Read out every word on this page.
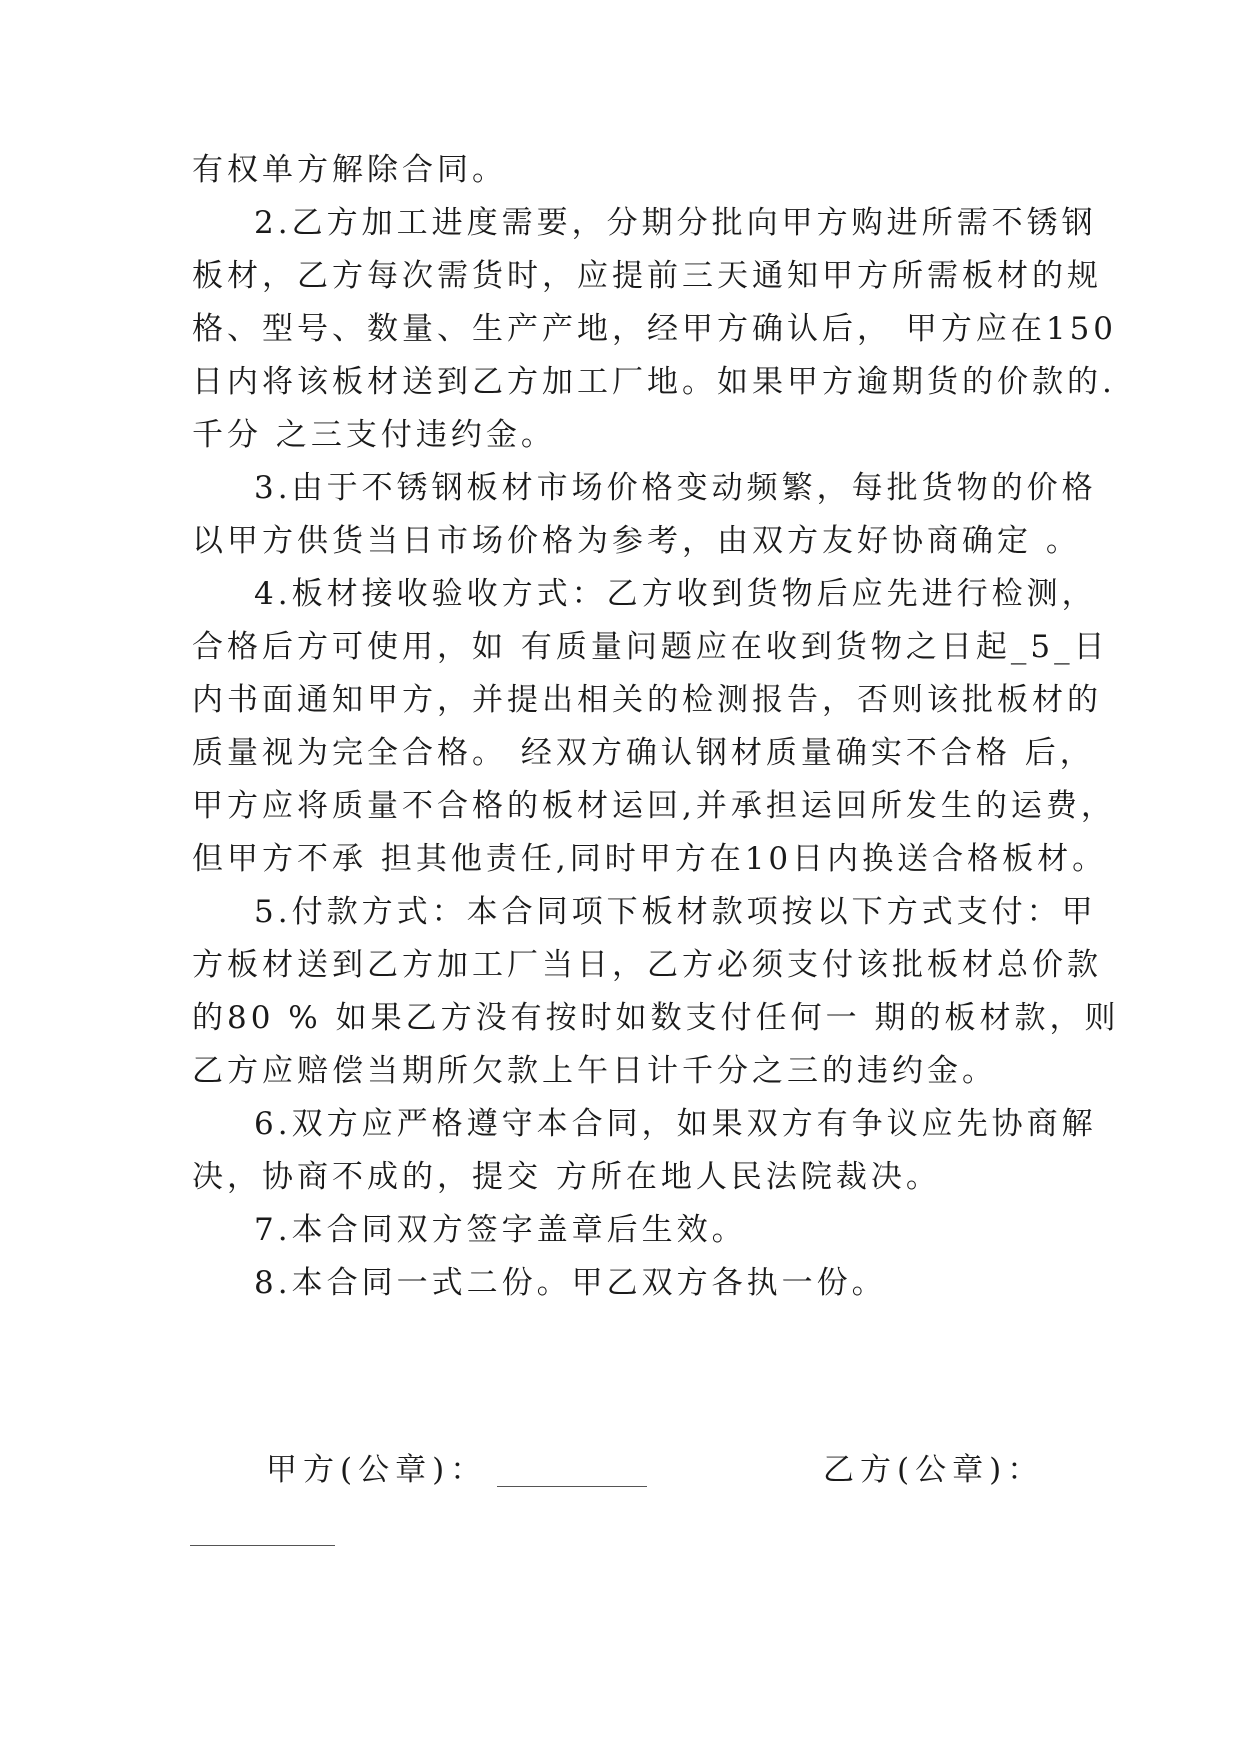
有权单方解除合同。
2.乙方加工进度需要，分期分批向甲方购进所需不锈钢
板材，乙方每次需货时，应提前三天通知甲方所需板材的规
格、型号、数量、生产产地，经甲方确认后， 甲方应在150
日内将该板材送到乙方加工厂地。如果甲方逾期货的价款的.
千分 之三支付违约金。
3.由于不锈钢板材市场价格变动频繁，每批货物的价格
以甲方供货当日市场价格为参考，由双方友好协商确定 。
4.板材接收验收方式：乙方收到货物后应先进行检测，
合格后方可使用，如 有质量问题应在收到货物之日起_5_日
内书面通知甲方，并提出相关的检测报告，否则该批板材的
质量视为完全合格。 经双方确认钢材质量确实不合格 后，
甲方应将质量不合格的板材运回,并承担运回所发生的运费，
但甲方不承 担其他责任,同时甲方在10日内换送合格板材。
5.付款方式：本合同项下板材款项按以下方式支付：甲
方板材送到乙方加工厂当日，乙方必须支付该批板材总价款
的80 % 如果乙方没有按时如数支付任何一 期的板材款，则
乙方应赔偿当期所欠款上午日计千分之三的违约金。
6.双方应严格遵守本合同，如果双方有争议应先协商解
决，协商不成的，提交 方所在地人民法院裁决。
7.本合同双方签字盖章后生效。
8.本合同一式二份。甲乙双方各执一份。
甲方(公章)：	乙方(公章)：
